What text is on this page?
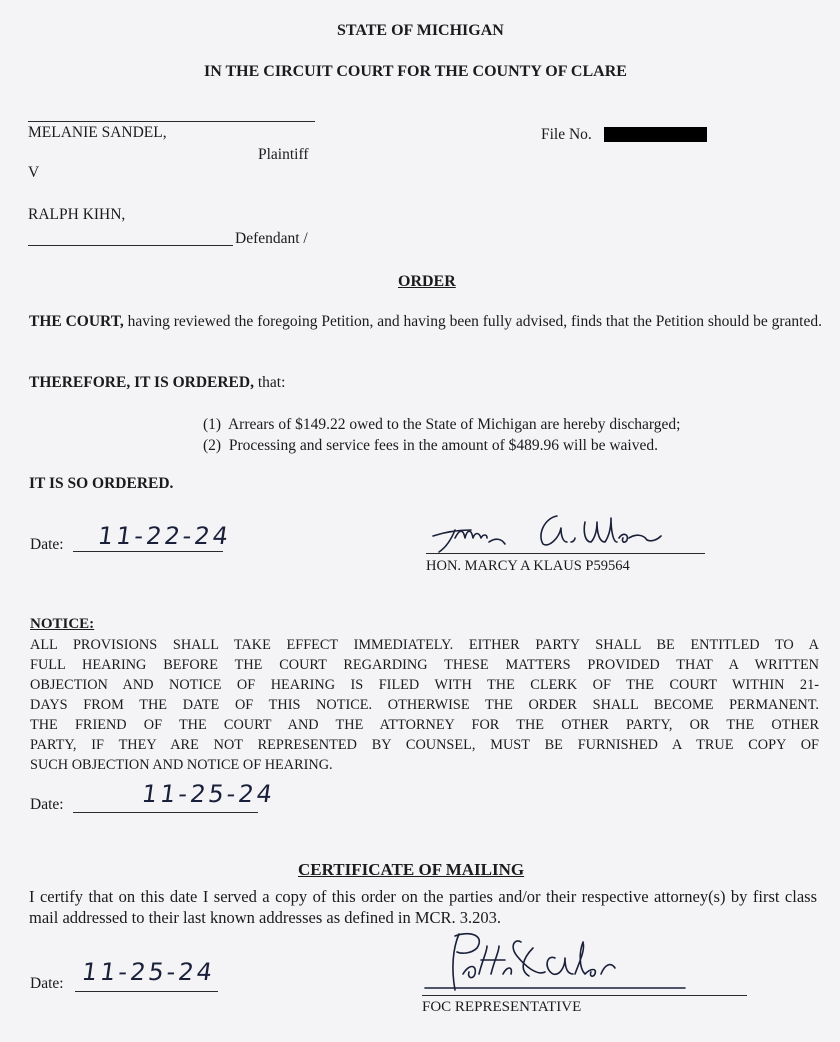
STATE OF MICHIGAN
IN THE CIRCUIT COURT FOR THE COUNTY OF CLARE
MELANIE SANDEL,	File No.
Plaintiff
V
RALPH KIHN,
Defendant /
ORDER
THE COURT, having reviewed the foregoing Petition, and having been fully advised, finds that the Petition should be granted.
THEREFORE, IT IS ORDERED, that:
(1)  Arrears of $149.22 owed to the State of Michigan are hereby discharged;
(2)  Processing and service fees in the amount of $489.96 will be waived.
IT IS SO ORDERED.
Date: 11-22-24
HON. MARCY A KLAUS P59564
NOTICE:
ALL PROVISIONS SHALL TAKE EFFECT IMMEDIATELY. EITHER PARTY SHALL BE ENTITLED TO A
FULL HEARING BEFORE THE COURT REGARDING THESE MATTERS PROVIDED THAT A WRITTEN
OBJECTION AND NOTICE OF HEARING IS FILED WITH THE CLERK OF THE COURT WITHIN 21-
DAYS FROM THE DATE OF THIS NOTICE. OTHERWISE THE ORDER SHALL BECOME PERMANENT.
THE FRIEND OF THE COURT AND THE ATTORNEY FOR THE OTHER PARTY, OR THE OTHER
PARTY, IF THEY ARE NOT REPRESENTED BY COUNSEL, MUST BE FURNISHED A TRUE COPY OF
SUCH OBJECTION AND NOTICE OF HEARING.
Date:	11-25-24
CERTIFICATE OF MAILING
I certify that on this date I served a copy of this order on the parties and/or their respective attorney(s) by first class mail addressed to their last known addresses as defined in MCR. 3.203.
Date: 11-25-24
FOC REPRESENTATIVE
